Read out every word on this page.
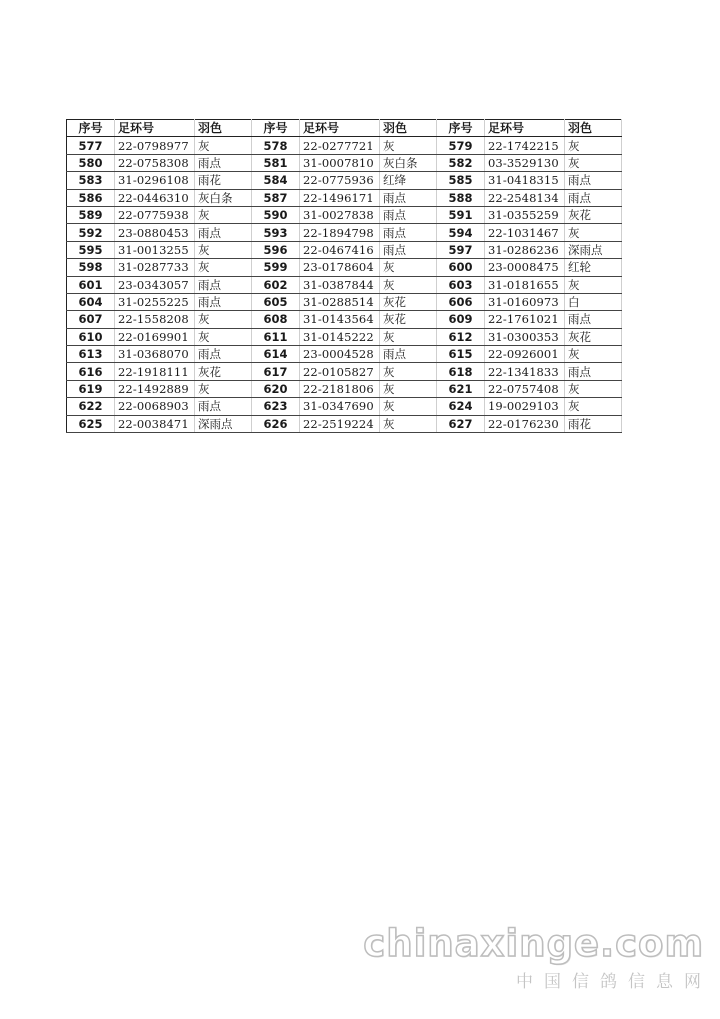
序号	足环号	羽色	序号	足环号	羽色	序号	足环号	羽色
577	22-0798977	灰	578	22-0277721	灰	579	22-1742215	灰
580	22-0758308	雨点	581	31-0007810	灰白条	582	03-3529130	灰
583	31-0296108	雨花	584	22-0775936	红绛	585	31-0418315	雨点
586	22-0446310	灰白条	587	22-1496171	雨点	588	22-2548134	雨点
589	22-0775938	灰	590	31-0027838	雨点	591	31-0355259	灰花
592	23-0880453	雨点	593	22-1894798	雨点	594	22-1031467	灰
595	31-0013255	灰	596	22-0467416	雨点	597	31-0286236	深雨点
598	31-0287733	灰	599	23-0178604	灰	600	23-0008475	红轮
601	23-0343057	雨点	602	31-0387844	灰	603	31-0181655	灰
604	31-0255225	雨点	605	31-0288514	灰花	606	31-0160973	白
607	22-1558208	灰	608	31-0143564	灰花	609	22-1761021	雨点
610	22-0169901	灰	611	31-0145222	灰	612	31-0300353	灰花
613	31-0368070	雨点	614	23-0004528	雨点	615	22-0926001	灰
616	22-1918111	灰花	617	22-0105827	灰	618	22-1341833	雨点
619	22-1492889	灰	620	22-2181806	灰	621	22-0757408	灰
622	22-0068903	雨点	623	31-0347690	灰	624	19-0029103	灰
625	22-0038471	深雨点	626	22-2519224	灰	627	22-0176230	雨花
chinaxinge.com
中国信鸽信息网
